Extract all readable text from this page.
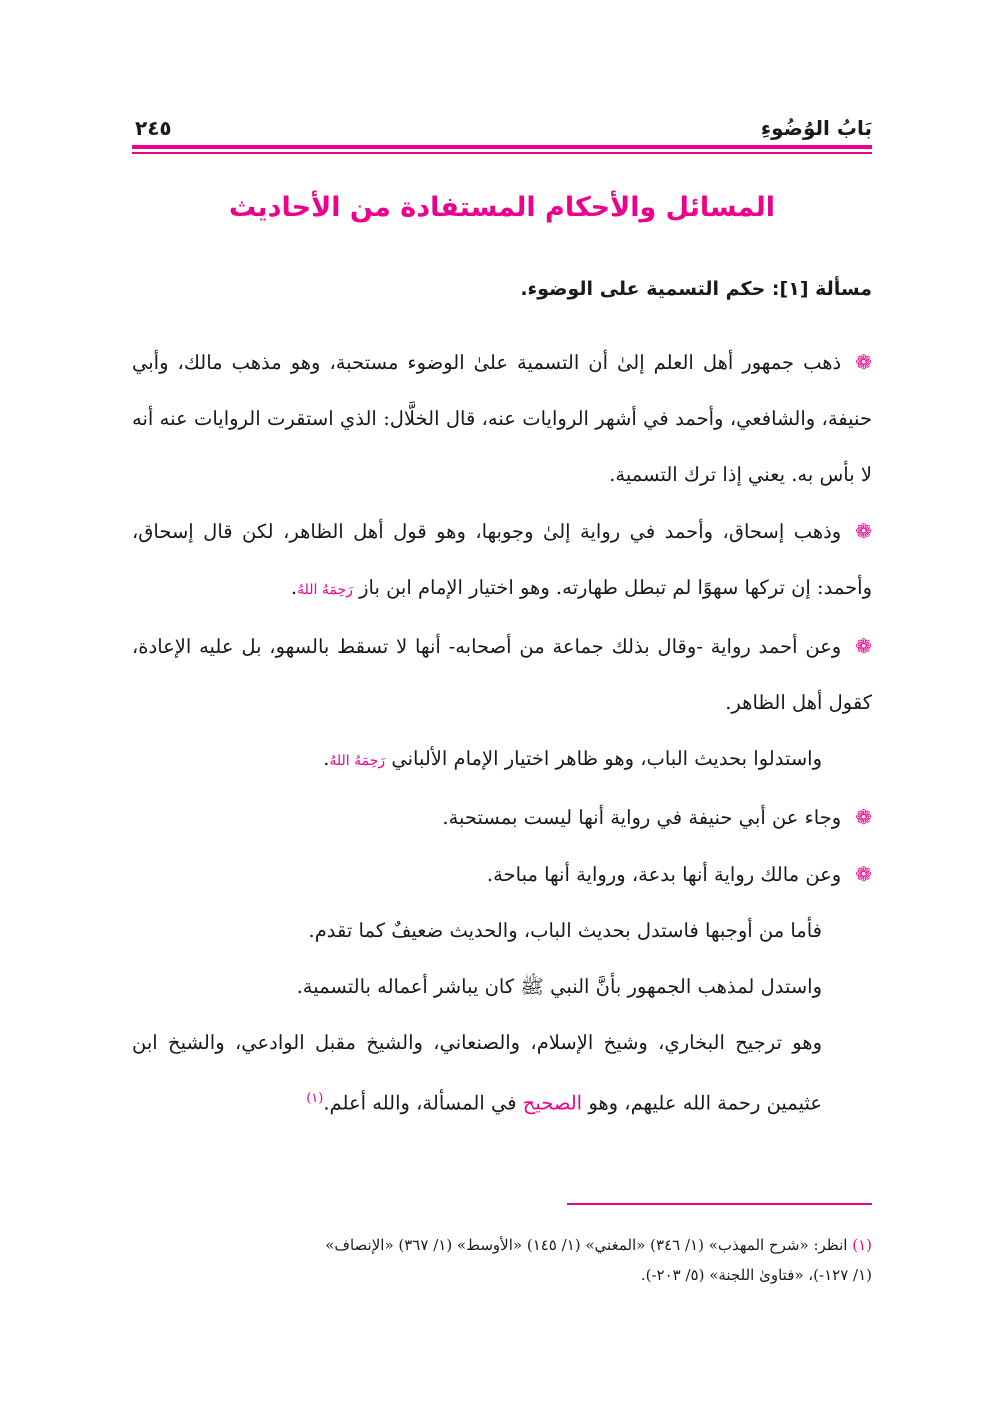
بَابُ الوُضُوءِ
٢٤٥
المسائل والأحكام المستفادة من الأحاديث
مسألة [١]: حكم التسمية على الوضوء.

❁ذهب جمهور أهل العلم إلىٰ أن التسمية علىٰ الوضوء مستحبة، وهو مذهب مالك، وأبي حنيفة، والشافعي، وأحمد في أشهر الروايات عنه، قال الخلَّال: الذي استقرت الروايات عنه أنه لا بأس به. يعني إذا ترك التسمية.

❁وذهب إسحاق، وأحمد في رواية إلىٰ وجوبها، وهو قول أهل الظاهر، لكن قال إسحاق، وأحمد: إن تركها سهوًا لم تبطل طهارته. وهو اختيار الإمام ابن باز رَحِمَهُ اللهُ.

❁وعن أحمد رواية -وقال بذلك جماعة من أصحابه- أنها لا تسقط بالسهو، بل عليه الإعادة، كقول أهل الظاهر.

واستدلوا بحديث الباب، وهو ظاهر اختيار الإمام الألباني رَحِمَهُ اللهُ.

❁وجاء عن أبي حنيفة في رواية أنها ليست بمستحبة.

❁وعن مالك رواية أنها بدعة، ورواية أنها مباحة.

فأما من أوجبها فاستدل بحديث الباب، والحديث ضعيفٌ كما تقدم.

واستدل لمذهب الجمهور بأنَّ النبي ﷺ كان يباشر أعماله بالتسمية.

وهو ترجيح البخاري، وشيخ الإسلام، والصنعاني، والشيخ مقبل الوادعي، والشيخ ابن عثيمين رحمة الله عليهم، وهو الصحيح في المسألة، والله أعلم.$^{(١)}$

(١) انظر: «شرح المهذب» (١/ ٣٤٦) «المغني» (١/ ١٤٥) «الأوسط» (١/ ٣٦٧) «الإنصاف»

(١/ ١٢٧-)، «فتاوىٰ اللجنة» (٥/ ٢٠٣-).
